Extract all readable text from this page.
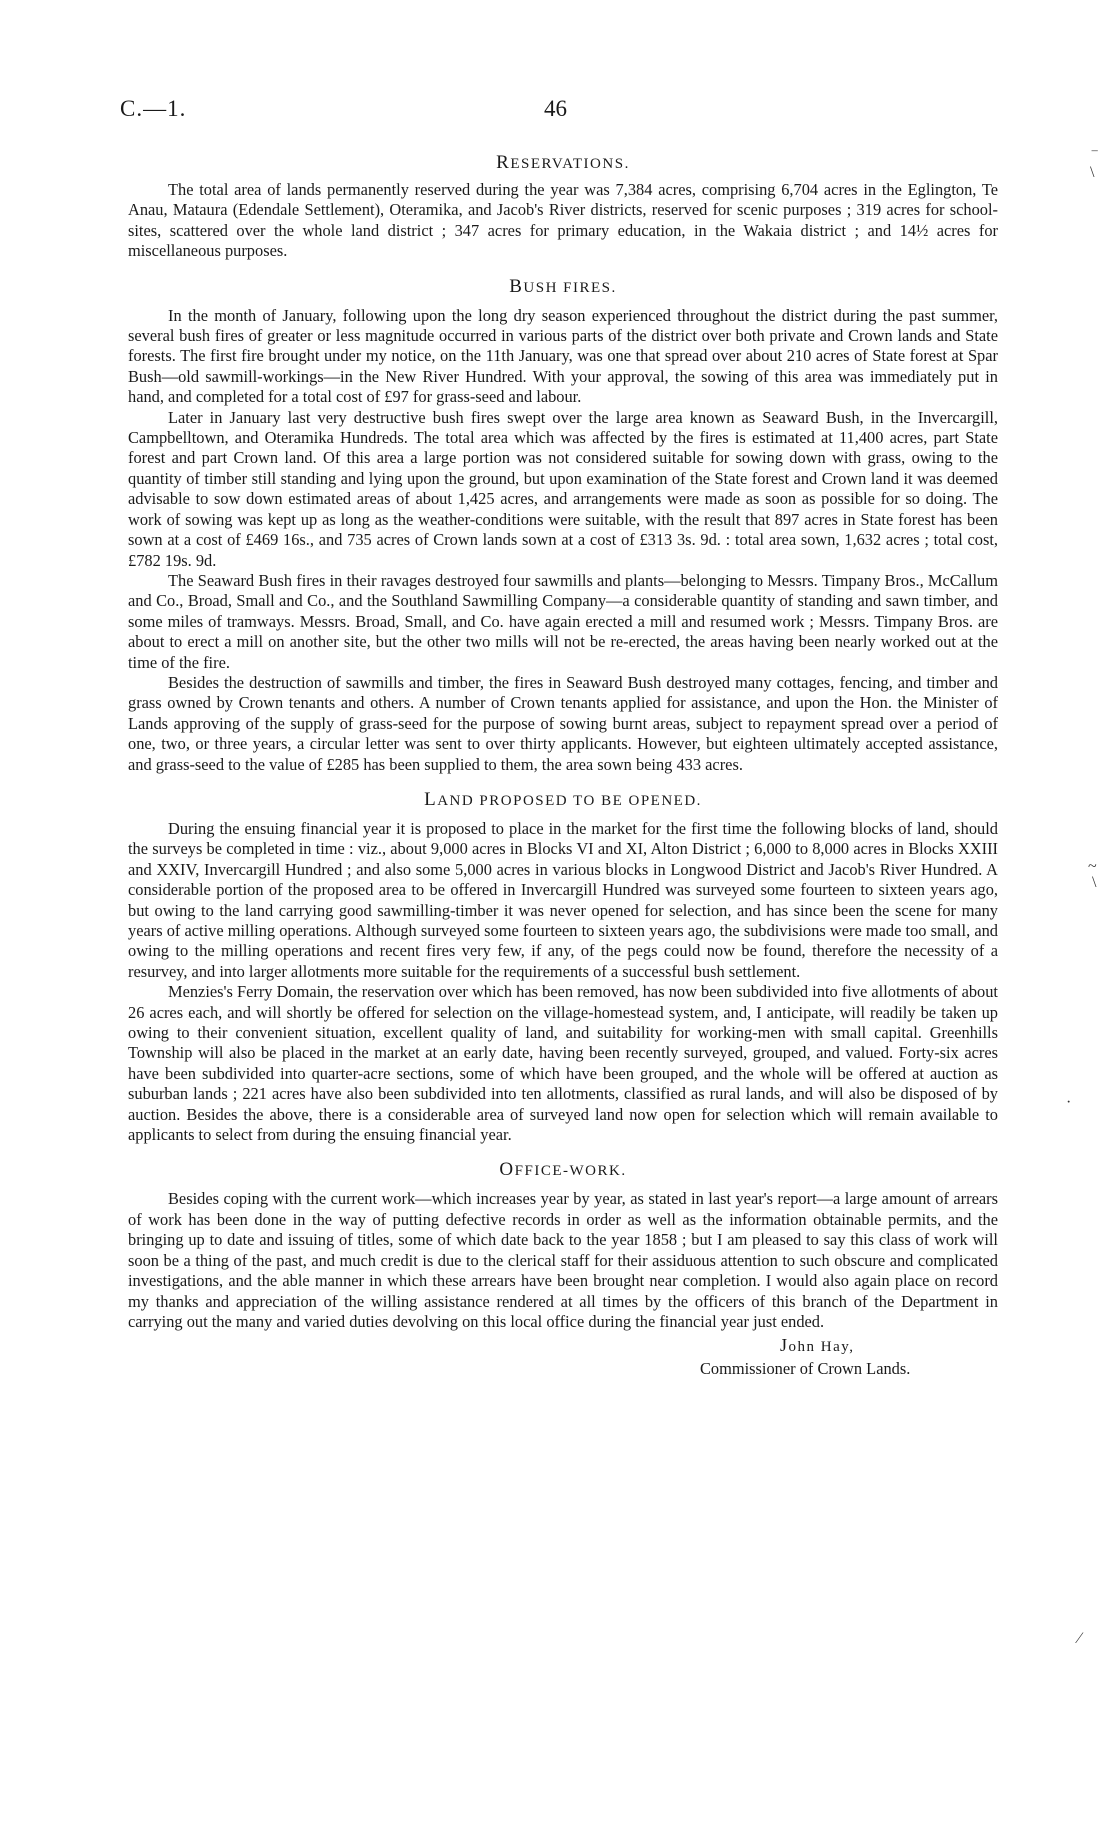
C.—1.	46
‾
\
~
\
·
⁄
RESERVATIONS.

The total area of lands permanently reserved during the year was 7,384 acres, comprising 6,704 acres in the Eglington, Te Anau, Mataura (Edendale Settlement), Oteramika, and Jacob's River districts, reserved for scenic purposes ; 319 acres for school-sites, scattered over the whole land district ; 347 acres for primary education, in the Wakaia district ; and 14½ acres for miscellaneous purposes.

BUSH FIRES.

In the month of January, following upon the long dry season experienced throughout the district during the past summer, several bush fires of greater or less magnitude occurred in various parts of the district over both private and Crown lands and State forests. The first fire brought under my notice, on the 11th January, was one that spread over about 210 acres of State forest at Spar Bush—old sawmill-workings—in the New River Hundred. With your approval, the sowing of this area was immediately put in hand, and completed for a total cost of £97 for grass-seed and labour.

Later in January last very destructive bush fires swept over the large area known as Seaward Bush, in the Invercargill, Campbelltown, and Oteramika Hundreds. The total area which was affected by the fires is estimated at 11,400 acres, part State forest and part Crown land. Of this area a large portion was not considered suitable for sowing down with grass, owing to the quantity of timber still standing and lying upon the ground, but upon examination of the State forest and Crown land it was deemed advisable to sow down estimated areas of about 1,425 acres, and arrangements were made as soon as possible for so doing. The work of sowing was kept up as long as the weather-conditions were suitable, with the result that 897 acres in State forest has been sown at a cost of £469 16s., and 735 acres of Crown lands sown at a cost of £313 3s. 9d. : total area sown, 1,632 acres ; total cost, £782 19s. 9d.

The Seaward Bush fires in their ravages destroyed four sawmills and plants—belonging to Messrs. Timpany Bros., McCallum and Co., Broad, Small and Co., and the Southland Sawmilling Company—a considerable quantity of standing and sawn timber, and some miles of tramways. Messrs. Broad, Small, and Co. have again erected a mill and resumed work ; Messrs. Timpany Bros. are about to erect a mill on another site, but the other two mills will not be re-erected, the areas having been nearly worked out at the time of the fire.

Besides the destruction of sawmills and timber, the fires in Seaward Bush destroyed many cottages, fencing, and timber and grass owned by Crown tenants and others. A number of Crown tenants applied for assistance, and upon the Hon. the Minister of Lands approving of the supply of grass-seed for the purpose of sowing burnt areas, subject to repayment spread over a period of one, two, or three years, a circular letter was sent to over thirty applicants. However, but eighteen ultimately accepted assistance, and grass-seed to the value of £285 has been supplied to them, the area sown being 433 acres.

LAND PROPOSED TO BE OPENED.

During the ensuing financial year it is proposed to place in the market for the first time the following blocks of land, should the surveys be completed in time : viz., about 9,000 acres in Blocks VI and XI, Alton District ; 6,000 to 8,000 acres in Blocks XXIII and XXIV, Invercargill Hundred ; and also some 5,000 acres in various blocks in Longwood District and Jacob's River Hundred. A considerable portion of the proposed area to be offered in Invercargill Hundred was surveyed some fourteen to sixteen years ago, but owing to the land carrying good sawmilling-timber it was never opened for selection, and has since been the scene for many years of active milling operations. Although surveyed some fourteen to sixteen years ago, the subdivisions were made too small, and owing to the milling operations and recent fires very few, if any, of the pegs could now be found, therefore the necessity of a resurvey, and into larger allotments more suitable for the requirements of a successful bush settlement.

Menzies's Ferry Domain, the reservation over which has been removed, has now been subdivided into five allotments of about 26 acres each, and will shortly be offered for selection on the village-homestead system, and, I anticipate, will readily be taken up owing to their convenient situation, excellent quality of land, and suitability for working-men with small capital. Greenhills Township will also be placed in the market at an early date, having been recently surveyed, grouped, and valued. Forty-six acres have been subdivided into quarter-acre sections, some of which have been grouped, and the whole will be offered at auction as suburban lands ; 221 acres have also been subdivided into ten allotments, classified as rural lands, and will also be disposed of by auction. Besides the above, there is a considerable area of surveyed land now open for selection which will remain available to applicants to select from during the ensuing financial year.

OFFICE-WORK.

Besides coping with the current work—which increases year by year, as stated in last year's report—a large amount of arrears of work has been done in the way of putting defective records in order as well as the information obtainable permits, and the bringing up to date and issuing of titles, some of which date back to the year 1858 ; but I am pleased to say this class of work will soon be a thing of the past, and much credit is due to the clerical staff for their assiduous attention to such obscure and complicated investigations, and the able manner in which these arrears have been brought near completion. I would also again place on record my thanks and appreciation of the willing assistance rendered at all times by the officers of this branch of the Department in carrying out the many and varied duties devolving on this local office during the financial year just ended.

John Hay,
Commissioner of Crown Lands.
